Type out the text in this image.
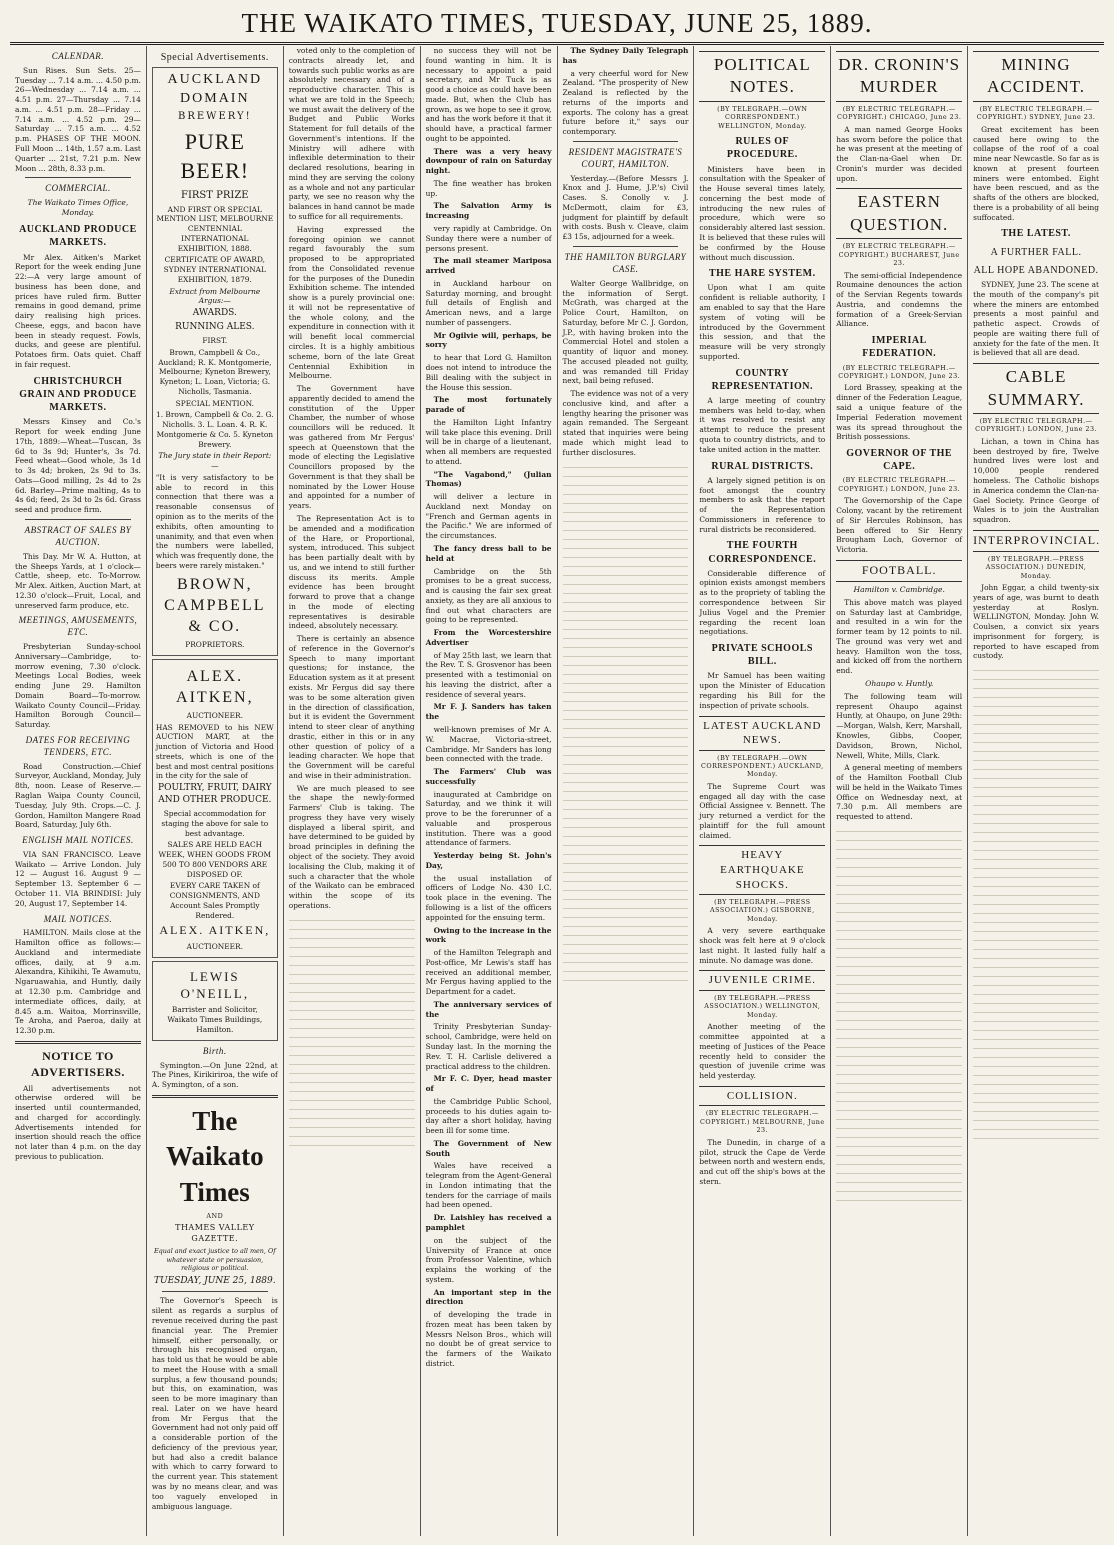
THE WAIKATO TIMES, TUESDAY, JUNE 25, 1889.
CALENDAR.

Sun Rises. Sun Sets. 25—Tuesday ... 7.14 a.m. ... 4.50 p.m. 26—Wednesday ... 7.14 a.m. ... 4.51 p.m. 27—Thursday ... 7.14 a.m. ... 4.51 p.m. 28—Friday ... 7.14 a.m. ... 4.52 p.m. 29—Saturday ... 7.15 a.m. ... 4.52 p.m. PHASES OF THE MOON. Full Moon ... 14th, 1.57 a.m. Last Quarter ... 21st, 7.21 p.m. New Moon ... 28th, 8.33 p.m.

COMMERCIAL.
The Waikato Times Office, Monday.
AUCKLAND PRODUCE MARKETS.

Mr Alex. Aitken's Market Report for the week ending June 22:—A very large amount of business has been done, and prices have ruled firm. Butter remains in good demand, prime dairy realising high prices. Cheese, eggs, and bacon have been in steady request. Fowls, ducks, and geese are plentiful. Potatoes firm. Oats quiet. Chaff in fair request.

CHRISTCHURCH GRAIN AND PRODUCE MARKETS.

Messrs Kinsey and Co.'s Report for week ending June 17th, 1889:—Wheat—Tuscan, 3s 6d to 3s 9d; Hunter's, 3s 7d. Feed wheat—Good whole, 3s 1d to 3s 4d; broken, 2s 9d to 3s. Oats—Good milling, 2s 4d to 2s 6d. Barley—Prime malting, 4s to 4s 6d; feed, 2s 3d to 2s 6d. Grass seed and produce firm.

ABSTRACT OF SALES BY AUCTION.

This Day. Mr W. A. Hutton, at the Sheeps Yards, at 1 o'clock—Cattle, sheep, etc. To-Morrow. Mr Alex. Aitken, Auction Mart, at 12.30 o'clock—Fruit, Local, and unreserved farm produce, etc.

MEETINGS, AMUSEMENTS, ETC.

Presbyterian Sunday-school Anniversary—Cambridge, to-morrow evening, 7.30 o'clock. Meetings Local Bodies, week ending June 29. Hamilton Domain Board—To-morrow. Waikato County Council—Friday. Hamilton Borough Council—Saturday.

DATES FOR RECEIVING TENDERS, ETC.

Road Construction.—Chief Surveyor, Auckland, Monday, July 8th, noon. Lease of Reserve.—Raglan Waipa County Council, Tuesday, July 9th. Crops.—C. J. Gordon, Hamilton Mangere Road Board, Saturday, July 6th.

ENGLISH MAIL NOTICES.

VIA SAN FRANCISCO. Leave Waikato — Arrive London. July 12 — August 16. August 9 — September 13. September 6 — October 11. VIA BRINDISI: July 20, August 17, September 14.

MAIL NOTICES.

HAMILTON. Mails close at the Hamilton office as follows:—Auckland and intermediate offices, daily, at 9 a.m. Alexandra, Kihikihi, Te Awamutu, Ngaruawahia, and Huntly, daily at 12.30 p.m. Cambridge and intermediate offices, daily, at 8.45 a.m. Waitoa, Morrinsville, Te Aroha, and Paeroa, daily at 12.30 p.m.

NOTICE TO ADVERTISERS.

All advertisements not otherwise ordered will be inserted until countermanded, and charged for accordingly. Advertisements intended for insertion should reach the office not later than 4 p.m. on the day previous to publication.

Special Advertisements.
AUCKLAND DOMAIN
BREWERY!
PURE BEER!
FIRST PRIZE
AND FIRST OR SPECIAL MENTION LIST, MELBOURNE CENTENNIAL INTERNATIONAL EXHIBITION, 1888.
CERTIFICATE OF AWARD, SYDNEY INTERNATIONAL EXHIBITION, 1879.
Extract from Melbourne Argus:—
AWARDS.
RUNNING ALES.
FIRST.
Brown, Campbell & Co., Auckland; R. K. Montgomerie, Melbourne; Kyneton Brewery, Kyneton; L. Loan, Victoria; G. Nicholls, Tasmania.
SPECIAL MENTION.
1. Brown, Campbell & Co. 2. G. Nicholls. 3. L. Loan. 4. R. K. Montgomerie & Co. 5. Kyneton Brewery.
The Jury state in their Report:—
"It is very satisfactory to be able to record in this connection that there was a reasonable consensus of opinion as to the merits of the exhibits, often amounting to unanimity, and that even when the numbers were labelled, which was frequently done, the beers were rarely mistaken."
BROWN, CAMPBELL & CO.
PROPRIETORS.
ALEX. AITKEN,
AUCTIONEER.
HAS REMOVED to his NEW AUCTION MART, at the junction of Victoria and Hood streets, which is one of the best and most central positions in the city for the sale of
POULTRY, FRUIT, DAIRY AND OTHER PRODUCE.
Special accommodation for staging the above for sale to best advantage.
SALES ARE HELD EACH WEEK, WHEN GOODS FROM 500 TO 800 VENDORS ARE DISPOSED OF.
EVERY CARE TAKEN of CONSIGNMENTS, AND Account Sales Promptly Rendered.
ALEX. AITKEN,
AUCTIONEER.
LEWIS O'NEILL,
Barrister and Solicitor, Waikato Times Buildings, Hamilton.
Birth.

Symington.—On June 22nd, at The Pines, Kirikiriroa, the wife of A. Symington, of a son.

The Waikato Times
AND
THAMES VALLEY GAZETTE.
Equal and exact justice to all men, Of whatever state or persuasion, religious or political.
TUESDAY, JUNE 25, 1889.

The Governor's Speech is silent as regards a surplus of revenue received during the past financial year. The Premier himself, either personally, or through his recognised organ, has told us that he would be able to meet the House with a small surplus, a few thousand pounds; but this, on examination, was seen to be more imaginary than real. Later on we have heard from Mr Fergus that the Government had not only paid off a considerable portion of the deficiency of the previous year, but had also a credit balance with which to carry forward to the current year. This statement was by no means clear, and was too vaguely enveloped in ambiguous language.

voted only to the completion of contracts already let, and towards such public works as are absolutely necessary and of a reproductive character. This is what we are told in the Speech; we must await the delivery of the Budget and Public Works Statement for full details of the Government's intentions. If the Ministry will adhere with inflexible determination to their declared resolutions, bearing in mind they are serving the colony as a whole and not any particular party, we see no reason why the balances in hand cannot be made to suffice for all requirements.

Having expressed the foregoing opinion we cannot regard favourably the sum proposed to be appropriated from the Consolidated revenue for the purposes of the Dunedin Exhibition scheme. The intended show is a purely provincial one: it will not be representative of the whole colony, and the expenditure in connection with it will benefit local commercial circles. It is a highly ambitious scheme, born of the late Great Centennial Exhibition in Melbourne.

The Government have apparently decided to amend the constitution of the Upper Chamber, the number of whose councillors will be reduced. It was gathered from Mr Fergus' speech at Queenstown that the mode of electing the Legislative Councillors proposed by the Government is that they shall be nominated by the Lower House and appointed for a number of years.

The Representation Act is to be amended and a modification of the Hare, or Proportional, system, introduced. This subject has been partially dealt with by us, and we intend to still further discuss its merits. Ample evidence has been brought forward to prove that a change in the mode of electing representatives is desirable indeed, absolutely necessary.

There is certainly an absence of reference in the Governor's Speech to many important questions; for instance, the Education system as it at present exists. Mr Fergus did say there was to be some alteration given in the direction of classification, but it is evident the Government intend to steer clear of anything drastic, either in this or in any other question of policy of a leading character. We hope that the Government will be careful and wise in their administration.

We are much pleased to see the shape the newly-formed Farmers' Club is taking. The progress they have very wisely displayed a liberal spirit, and have determined to be guided by broad principles in defining the object of the society. They avoid localising the Club, making it of such a character that the whole of the Waikato can be embraced within the scope of its operations.

no success they will not be found wanting in him. It is necessary to appoint a paid secretary, and Mr Tuck is as good a choice as could have been made. But, when the Club has grown, as we hope to see it grow, and has the work before it that it should have, a practical farmer ought to be appointed.

There was a very heavy downpour of rain on Saturday night.

The fine weather has broken up.

The Salvation Army is increasing

very rapidly at Cambridge. On Sunday there were a number of persons present.

The mail steamer Mariposa arrived

in Auckland harbour on Saturday morning, and brought full details of English and American news, and a large number of passengers.

Mr Ogilvie will, perhaps, be sorry

to hear that Lord G. Hamilton does not intend to introduce the Bill dealing with the subject in the House this session.

The most fortunately parade of

the Hamilton Light Infantry will take place this evening. Drill will be in charge of a lieutenant, when all members are requested to attend.

"The Vagabond," (Julian Thomas)

will deliver a lecture in Auckland next Monday on "French and German agents in the Pacific." We are informed of the circumstances.

The fancy dress ball to be held at

Cambridge on the 5th promises to be a great success, and is causing the fair sex great anxiety, as they are all anxious to find out what characters are going to be represented.

From the Worcestershire Advertiser

of May 25th last, we learn that the Rev. T. S. Grosvenor has been presented with a testimonial on his leaving the district, after a residence of several years.

Mr F. J. Sanders has taken the

well-known premises of Mr A. W. Macrae, Victoria-street, Cambridge. Mr Sanders has long been connected with the trade.

The Farmers' Club was successfully

inaugurated at Cambridge on Saturday, and we think it will prove to be the forerunner of a valuable and prosperous institution. There was a good attendance of farmers.

Yesterday being St. John's Day,

the usual installation of officers of Lodge No. 430 I.C. took place in the evening. The following is a list of the officers appointed for the ensuing term.

Owing to the increase in the work

of the Hamilton Telegraph and Post-office, Mr Lewis's staff has received an additional member, Mr Fergus having applied to the Department for a cadet.

The anniversary services of the

Trinity Presbyterian Sunday-school, Cambridge, were held on Sunday last. In the morning the Rev. T. H. Carlisle delivered a practical address to the children.

Mr F. C. Dyer, head master of

the Cambridge Public School, proceeds to his duties again to-day after a short holiday, having been ill for some time.

The Government of New South

Wales have received a telegram from the Agent-General in London intimating that the tenders for the carriage of mails had been opened.

Dr. Laishley has received a pamphlet

on the subject of the University of France at once from Professor Valentine, which explains the working of the system.

An important step in the direction

of developing the trade in frozen meat has been taken by Messrs Nelson Bros., which will no doubt be of great service to the farmers of the Waikato district.

The Sydney Daily Telegraph has

a very cheerful word for New Zealand. "The prosperity of New Zealand is reflected by the returns of the imports and exports. The colony has a great future before it," says our contemporary.

RESIDENT MAGISTRATE'S COURT, HAMILTON.

Yesterday.—(Before Messrs J. Knox and J. Hume, J.P.'s) Civil Cases. S. Conolly v. J. McDermott, claim for £3, judgment for plaintiff by default with costs. Bush v. Cleave, claim £3 15s, adjourned for a week.

THE HAMILTON BURGLARY CASE.

Walter George Wallbridge, on the information of Sergt. McGrath, was charged at the Police Court, Hamilton, on Saturday, before Mr C. J. Gordon, J.P., with having broken into the Commercial Hotel and stolen a quantity of liquor and money. The accused pleaded not guilty, and was remanded till Friday next, bail being refused.

The evidence was not of a very conclusive kind, and after a lengthy hearing the prisoner was again remanded. The Sergeant stated that inquiries were being made which might lead to further disclosures.

POLITICAL NOTES.
(BY TELEGRAPH.—OWN CORRESPONDENT.) WELLINGTON, Monday.
RULES OF PROCEDURE.

Ministers have been in consultation with the Speaker of the House several times lately, concerning the best mode of introducing the new rules of procedure, which were so considerably altered last session. It is believed that these rules will be confirmed by the House without much discussion.

THE HARE SYSTEM.

Upon what I am quite confident is reliable authority, I am enabled to say that the Hare system of voting will be introduced by the Government this session, and that the measure will be very strongly supported.

COUNTRY REPRESENTATION.

A large meeting of country members was held to-day, when it was resolved to resist any attempt to reduce the present quota to country districts, and to take united action in the matter.

RURAL DISTRICTS.

A largely signed petition is on foot amongst the country members to ask that the report of the Representation Commissioners in reference to rural districts be reconsidered.

THE FOURTH CORRESPONDENCE.

Considerable difference of opinion exists amongst members as to the propriety of tabling the correspondence between Sir Julius Vogel and the Premier regarding the recent loan negotiations.

PRIVATE SCHOOLS BILL.

Mr Samuel has been waiting upon the Minister of Education regarding his Bill for the inspection of private schools.

LATEST AUCKLAND NEWS.
(BY TELEGRAPH.—OWN CORRESPONDENT.) AUCKLAND, Monday.

The Supreme Court was engaged all day with the case Official Assignee v. Bennett. The jury returned a verdict for the plaintiff for the full amount claimed.

HEAVY EARTHQUAKE SHOCKS.
(BY TELEGRAPH.—PRESS ASSOCIATION.) GISBORNE, Monday.

A very severe earthquake shock was felt here at 9 o'clock last night. It lasted fully half a minute. No damage was done.

JUVENILE CRIME.
(BY TELEGRAPH.—PRESS ASSOCIATION.) WELLINGTON, Monday.

Another meeting of the committee appointed at a meeting of Justices of the Peace recently held to consider the question of juvenile crime was held yesterday.

COLLISION.
(BY ELECTRIC TELEGRAPH.—COPYRIGHT.) MELBOURNE, June 23.

The Dunedin, in charge of a pilot, struck the Cape de Verde between north and western ends, and cut off the ship's bows at the stern.

DR. CRONIN'S MURDER
(BY ELECTRIC TELEGRAPH.—COPYRIGHT.) CHICAGO, June 23.

A man named George Hooks has sworn before the police that he was present at the meeting of the Clan-na-Gael when Dr. Cronin's murder was decided upon.

EASTERN QUESTION.
(BY ELECTRIC TELEGRAPH.—COPYRIGHT.) BUCHAREST, June 23.

The semi-official Independence Roumaine denounces the action of the Servian Regents towards Austria, and condemns the formation of a Greek-Servian Alliance.

IMPERIAL FEDERATION.
(BY ELECTRIC TELEGRAPH.—COPYRIGHT.) LONDON, June 23.

Lord Brassey, speaking at the dinner of the Federation League, said a unique feature of the Imperial Federation movement was its spread throughout the British possessions.

GOVERNOR OF THE CAPE.
(BY ELECTRIC TELEGRAPH.—COPYRIGHT.) LONDON, June 23.

The Governorship of the Cape Colony, vacant by the retirement of Sir Hercules Robinson, has been offered to Sir Henry Brougham Loch, Governor of Victoria.

FOOTBALL.
Hamilton v. Cambridge.

This above match was played on Saturday last at Cambridge, and resulted in a win for the former team by 12 points to nil. The ground was very wet and heavy. Hamilton won the toss, and kicked off from the northern end.

Ohaupo v. Huntly.

The following team will represent Ohaupo against Huntly, at Ohaupo, on June 29th:—Morgan, Walsh, Kerr, Marshall, Knowles, Gibbs, Cooper, Davidson, Brown, Nichol, Newell, White, Mills, Clark.

A general meeting of members of the Hamilton Football Club will be held in the Waikato Times Office on Wednesday next, at 7.30 p.m. All members are requested to attend.

MINING ACCIDENT.
(BY ELECTRIC TELEGRAPH.—COPYRIGHT.) SYDNEY, June 23.

Great excitement has been caused here owing to the collapse of the roof of a coal mine near Newcastle. So far as is known at present fourteen miners were entombed. Eight have been rescued, and as the shafts of the others are blocked, there is a probability of all being suffocated.

THE LATEST.
A FURTHER FALL.
ALL HOPE ABANDONED.

SYDNEY, June 23. The scene at the mouth of the company's pit where the miners are entombed presents a most painful and pathetic aspect. Crowds of people are waiting there full of anxiety for the fate of the men. It is believed that all are dead.

CABLE SUMMARY.
(BY ELECTRIC TELEGRAPH.—COPYRIGHT.) LONDON, June 23.

Lichan, a town in China has been destroyed by fire, Twelve hundred lives were lost and 10,000 people rendered homeless. The Catholic bishops in America condemn the Clan-na-Gael Society. Prince George of Wales is to join the Australian squadron.

INTERPROVINCIAL.
(BY TELEGRAPH.—PRESS ASSOCIATION.) DUNEDIN, Monday.

John Eggar, a child twenty-six years of age, was burnt to death yesterday at Roslyn. WELLINGTON, Monday. John W. Coulsen, a convict six years imprisonment for forgery, is reported to have escaped from custody.
